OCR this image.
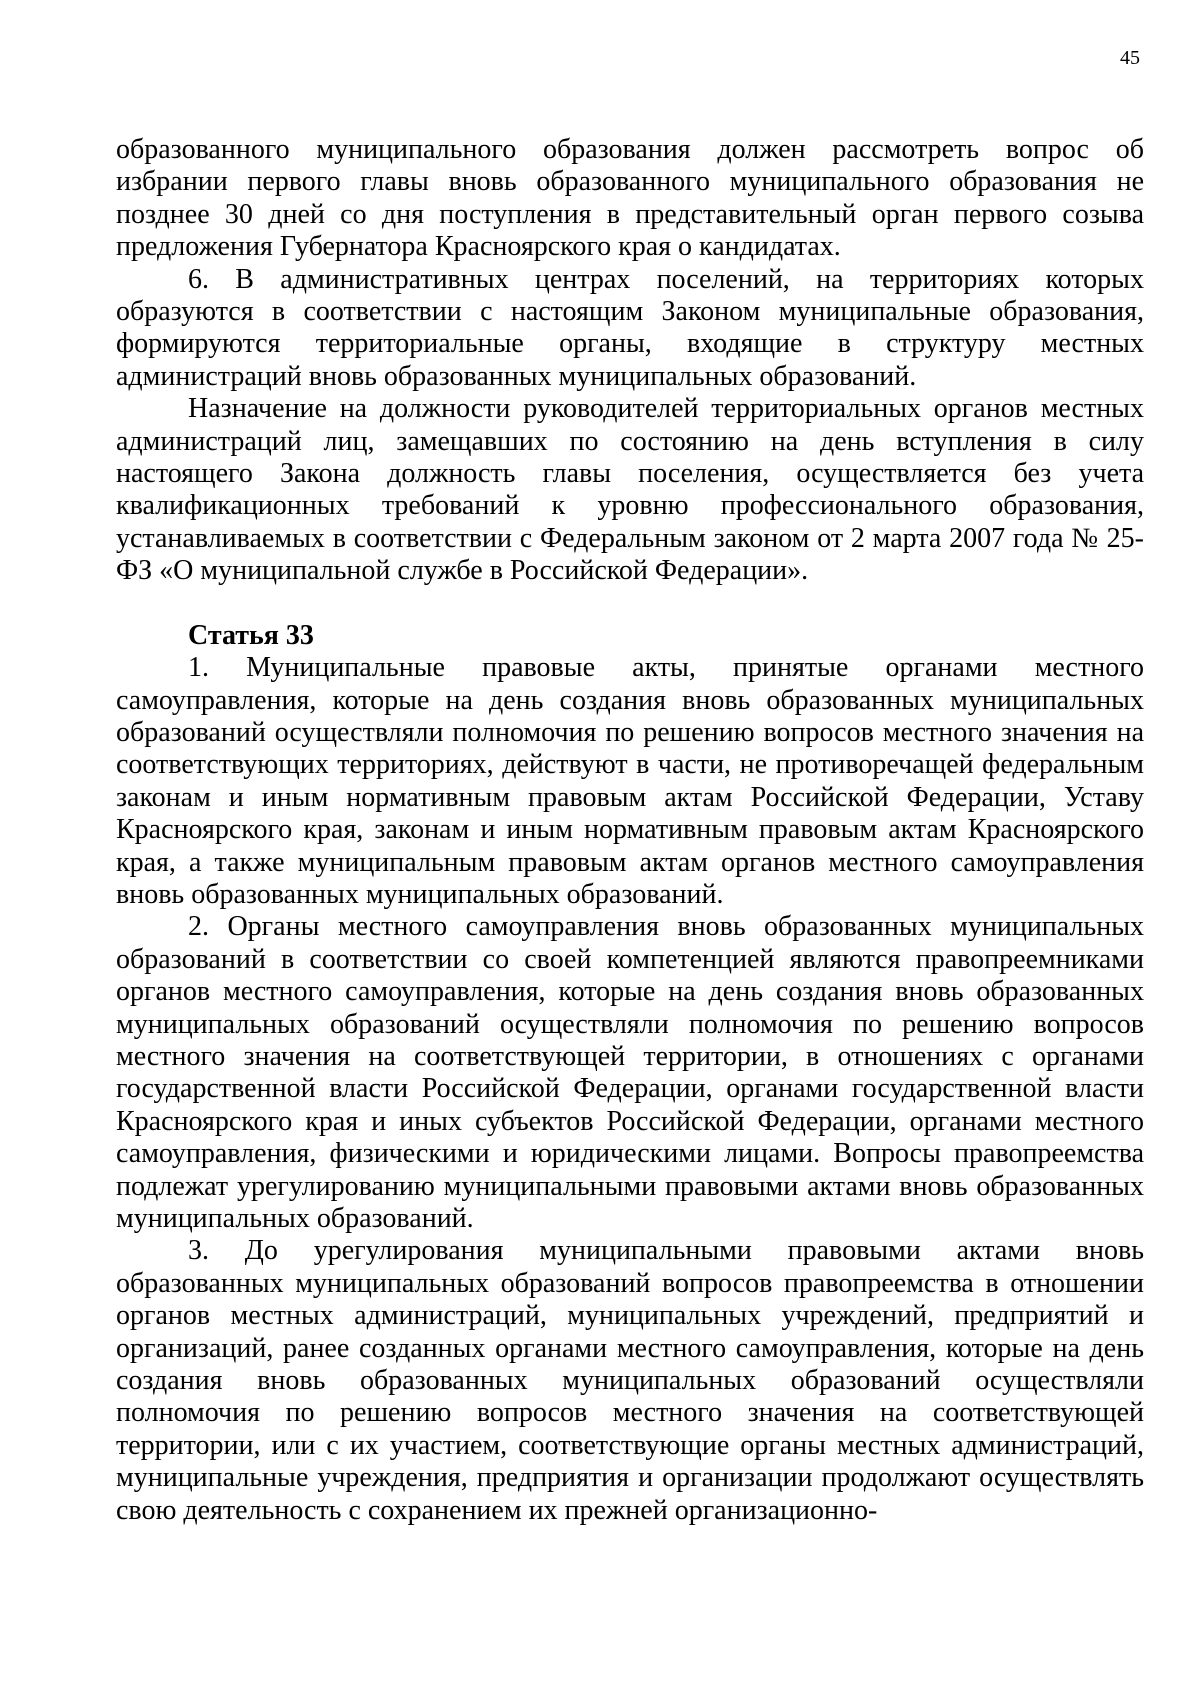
45

образованного муниципального образования должен рассмотреть вопрос об избрании первого главы вновь образованного муниципального образования не позднее 30 дней со дня поступления в представительный орган первого созыва предложения Губернатора Красноярского края о кандидатах.

6. В административных центрах поселений, на территориях которых образуются в соответствии с настоящим Законом муниципальные образования, формируются территориальные органы, входящие в структуру местных администраций вновь образованных муниципальных образований.

Назначение на должности руководителей территориальных органов местных администраций лиц, замещавших по состоянию на день вступления в силу настоящего Закона должность главы поселения, осуществляется без учета квалификационных требований к уровню профессионального образования, устанавливаемых в соответствии с Федеральным законом от 2 марта 2007 года № 25-ФЗ «О муниципальной службе в Российской Федерации».

Статья 33

1. Муниципальные правовые акты, принятые органами местного самоуправления, которые на день создания вновь образованных муниципальных образований осуществляли полномочия по решению вопросов местного значения на соответствующих территориях, действуют в части, не противоречащей федеральным законам и иным нормативным правовым актам Российской Федерации, Уставу Красноярского края, законам и иным нормативным правовым актам Красноярского края, а также муниципальным правовым актам органов местного самоуправления вновь образованных муниципальных образований.

2. Органы местного самоуправления вновь образованных муниципальных образований в соответствии со своей компетенцией являются правопреемниками органов местного самоуправления, которые на день создания вновь образованных муниципальных образований осуществляли полномочия по решению вопросов местного значения на соответствующей территории, в отношениях с органами государственной власти Российской Федерации, органами государственной власти Красноярского края и иных субъектов Российской Федерации, органами местного самоуправления, физическими и юридическими лицами. Вопросы правопреемства подлежат урегулированию муниципальными правовыми актами вновь образованных муниципальных образований.

3. До урегулирования муниципальными правовыми актами вновь образованных муниципальных образований вопросов правопреемства в отношении органов местных администраций, муниципальных учреждений, предприятий и организаций, ранее созданных органами местного самоуправления, которые на день создания вновь образованных муниципальных образований осуществляли полномочия по решению вопросов местного значения на соответствующей территории, или с их участием, соответствующие органы местных администраций, муниципальные учреждения, предприятия и организации продолжают осуществлять свою деятельность с сохранением их прежней организационно-
